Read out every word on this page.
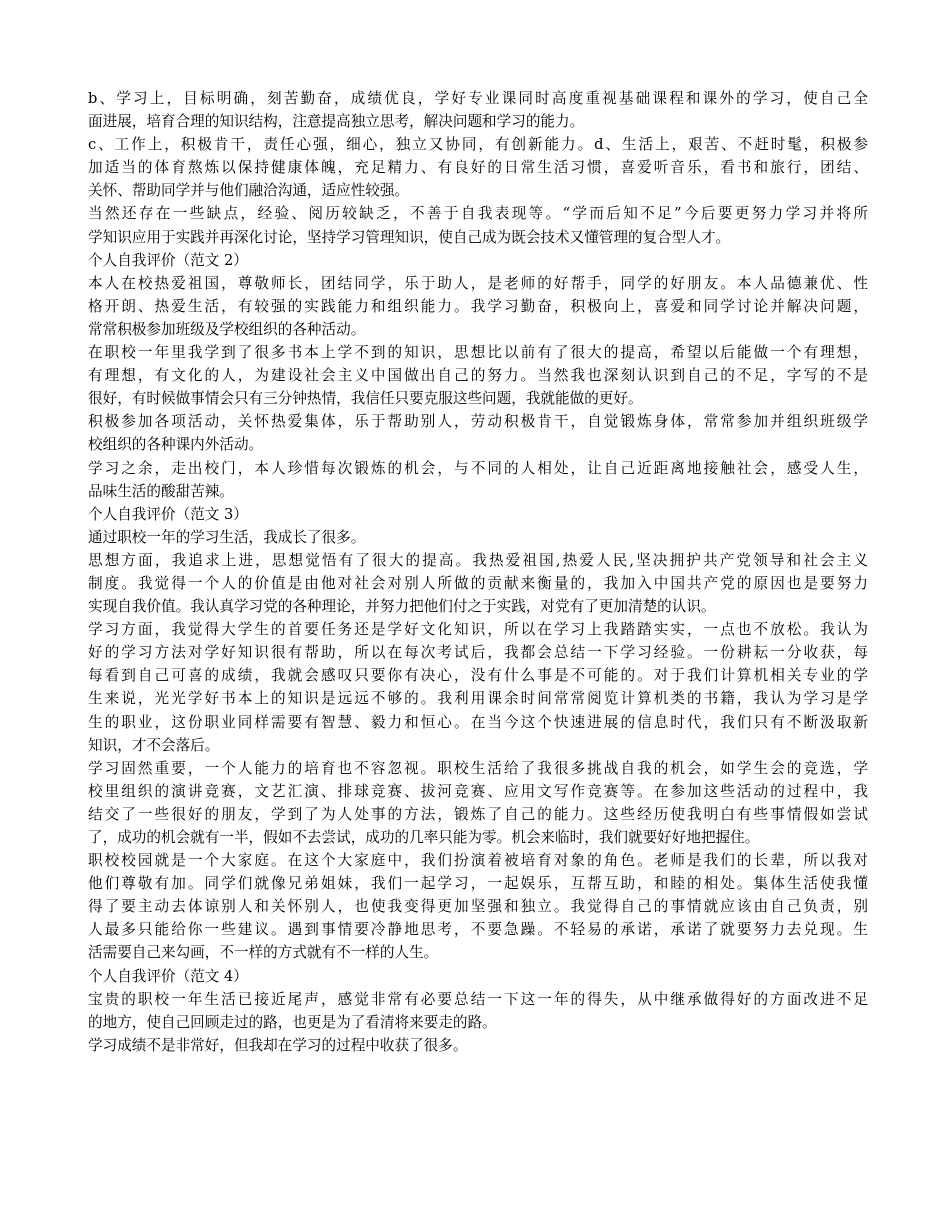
b、学习上，目标明确，刻苦勤奋，成绩优良，学好专业课同时高度重视基础课程和课外的学习，使自己全
面进展，培育合理的知识结构，注意提高独立思考，解决问题和学习的能力。
c、工作上，积极肯干，责任心强，细心，独立又协同，有创新能力。d、生活上，艰苦、不赶时髦，积极参
加适当的体育熬炼以保持健康体魄，充足精力、有良好的日常生活习惯，喜爱听音乐，看书和旅行，团结、
关怀、帮助同学并与他们融洽沟通，适应性较强。
当然还存在一些缺点，经验、阅历较缺乏，不善于自我表现等。“学而后知不足”今后要更努力学习并将所
学知识应用于实践并再深化讨论，坚持学习管理知识，使自己成为既会技术又懂管理的复合型人才。
个人自我评价（范文 2）
本人在校热爱祖国，尊敬师长，团结同学，乐于助人，是老师的好帮手，同学的好朋友。本人品德兼优、性
格开朗、热爱生活，有较强的实践能力和组织能力。我学习勤奋，积极向上，喜爱和同学讨论并解决问题，
常常积极参加班级及学校组织的各种活动。
在职校一年里我学到了很多书本上学不到的知识，思想比以前有了很大的提高，希望以后能做一个有理想，
有理想，有文化的人，为建设社会主义中国做出自己的努力。当然我也深刻认识到自己的不足，字写的不是
很好，有时候做事情会只有三分钟热情，我信任只要克服这些问题，我就能做的更好。
积极参加各项活动，关怀热爱集体，乐于帮助别人，劳动积极肯干，自觉锻炼身体，常常参加并组织班级学
校组织的各种课内外活动。
学习之余，走出校门，本人珍惜每次锻炼的机会，与不同的人相处，让自己近距离地接触社会，感受人生，
品味生活的酸甜苦辣。
个人自我评价（范文 3）
通过职校一年的学习生活，我成长了很多。
思想方面，我追求上进，思想觉悟有了很大的提高。我热爱祖国,热爱人民,坚决拥护共产党领导和社会主义
制度。我觉得一个人的价值是由他对社会对别人所做的贡献来衡量的，我加入中国共产党的原因也是要努力
实现自我价值。我认真学习党的各种理论，并努力把他们付之于实践，对党有了更加清楚的认识。
学习方面，我觉得大学生的首要任务还是学好文化知识，所以在学习上我踏踏实实，一点也不放松。我认为
好的学习方法对学好知识很有帮助，所以在每次考试后，我都会总结一下学习经验。一份耕耘一分收获，每
每看到自己可喜的成绩，我就会感叹只要你有决心，没有什么事是不可能的。对于我们计算机相关专业的学
生来说，光光学好书本上的知识是远远不够的。我利用课余时间常常阅览计算机类的书籍，我认为学习是学
生的职业，这份职业同样需要有智慧、毅力和恒心。在当今这个快速进展的信息时代，我们只有不断汲取新
知识，才不会落后。
学习固然重要，一个人能力的培育也不容忽视。职校生活给了我很多挑战自我的机会，如学生会的竞选，学
校里组织的演讲竞赛，文艺汇演、排球竞赛、拔河竞赛、应用文写作竞赛等。在参加这些活动的过程中，我
结交了一些很好的朋友，学到了为人处事的方法，锻炼了自己的能力。这些经历使我明白有些事情假如尝试
了，成功的机会就有一半，假如不去尝试，成功的几率只能为零。机会来临时，我们就要好好地把握住。
职校校园就是一个大家庭。在这个大家庭中，我们扮演着被培育对象的角色。老师是我们的长辈，所以我对
他们尊敬有加。同学们就像兄弟姐妹，我们一起学习，一起娱乐，互帮互助，和睦的相处。集体生活使我懂
得了要主动去体谅别人和关怀别人，也使我变得更加坚强和独立。我觉得自己的事情就应该由自己负责，别
人最多只能给你一些建议。遇到事情要冷静地思考，不要急躁。不轻易的承诺，承诺了就要努力去兑现。生
活需要自己来勾画，不一样的方式就有不一样的人生。
个人自我评价（范文 4）
宝贵的职校一年生活已接近尾声，感觉非常有必要总结一下这一年的得失，从中继承做得好的方面改进不足
的地方，使自己回顾走过的路，也更是为了看清将来要走的路。
学习成绩不是非常好，但我却在学习的过程中收获了很多。
